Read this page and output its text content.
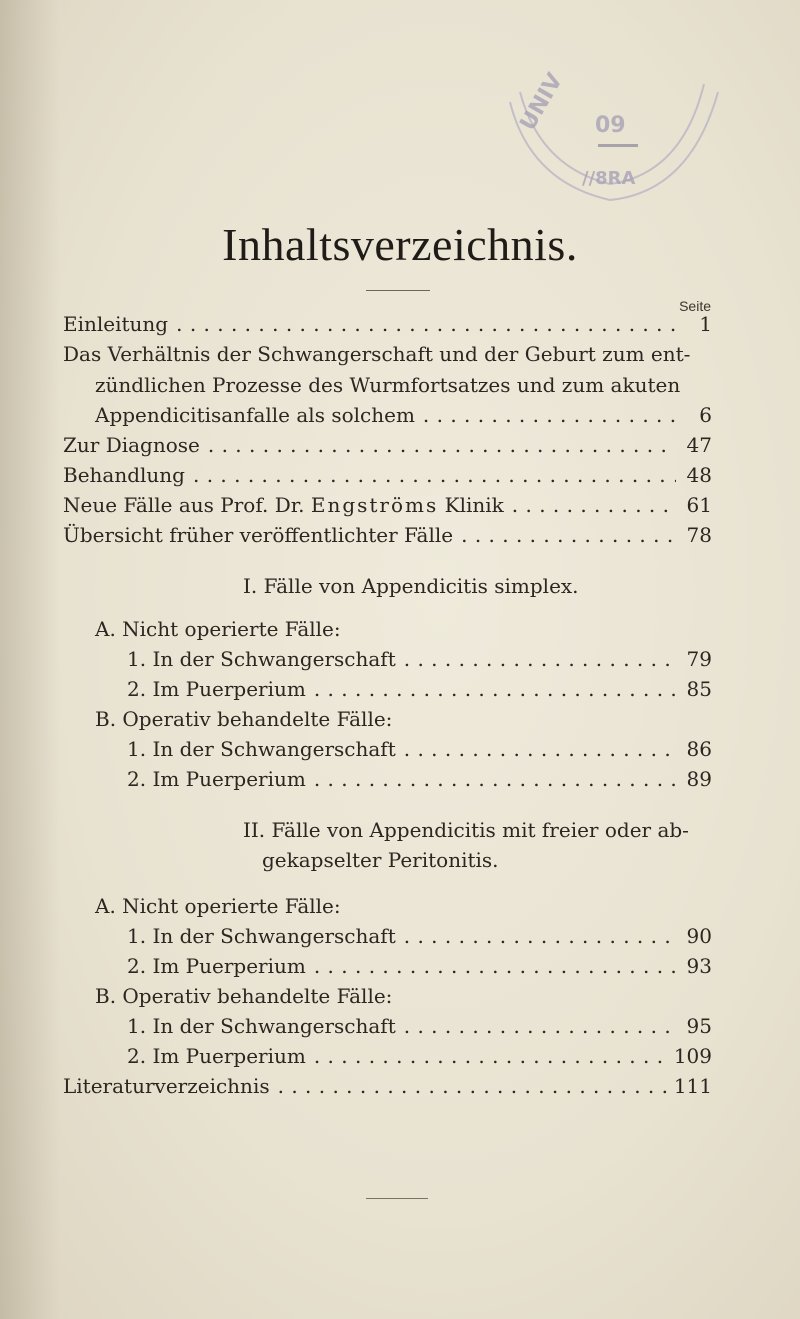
UNIV 09
//8RA
Inhaltsverzeichnis.
Seite
Einleitung . . .	1
Das Verhältnis der Schwangerschaft und der Geburt zum ent-
zündlichen Prozesse des Wurmfortsatzes und zum akuten
Appendicitisanfalle als solchem . . .	6
Zur Diagnose . . .	47
Behandlung . . .	48
Neue Fälle aus Prof. Dr. Engströms Klinik . . .	61
Übersicht früher veröffentlichter Fälle . . .	78
I. Fälle von Appendicitis simplex.
A. Nicht operierte Fälle:
1. In der Schwangerschaft . . .	79
2. Im Puerperium . . .	85
B. Operativ behandelte Fälle:
1. In der Schwangerschaft . . .	86
2. Im Puerperium . . .	89
II. Fälle von Appendicitis mit freier oder ab-
gekapselter Peritonitis.
A. Nicht operierte Fälle:
1. In der Schwangerschaft . . .	90
2. Im Puerperium . . .	93
B. Operativ behandelte Fälle:
1. In der Schwangerschaft . . .	95
2. Im Puerperium . . .	109
Literaturverzeichnis . . .	111
